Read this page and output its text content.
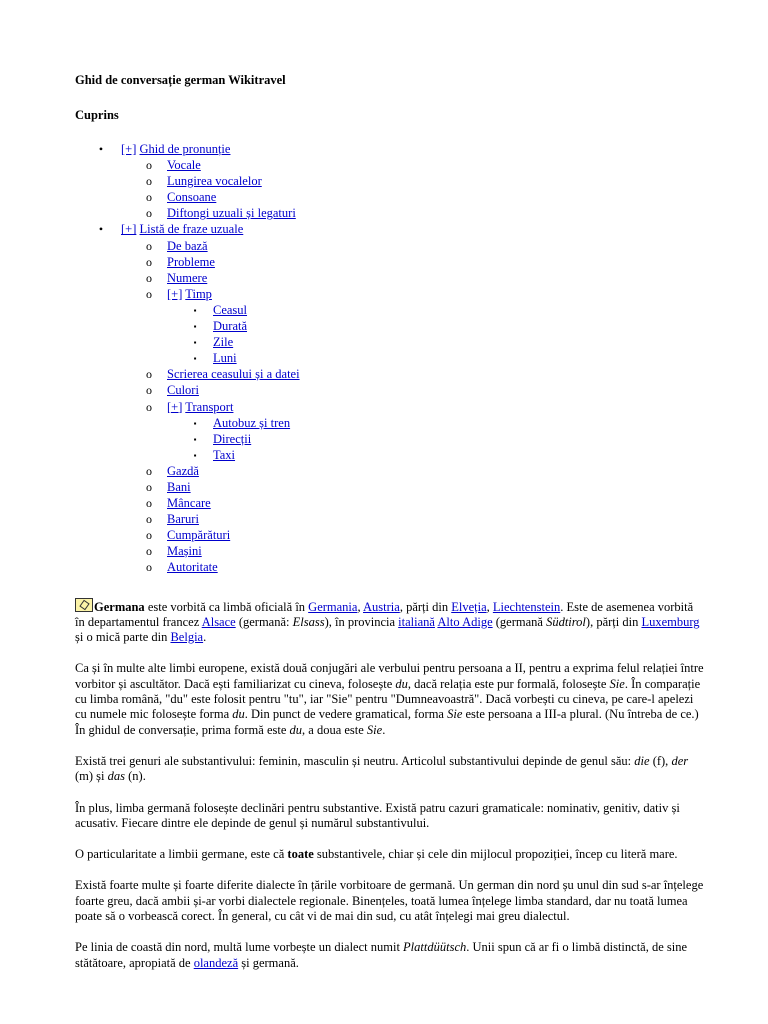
Ghid de conversație german Wikitravel

Cuprins

•	[+] Ghid de pronunție
o	Vocale
o	Lungirea vocalelor
o	Consoane
o	Diftongi uzuali și legaturi
•	[+] Listă de fraze uzuale
o	De bază
o	Probleme
o	Numere
o	[+] Timp
▪	Ceasul
▪	Durată
▪	Zile
▪	Luni
o	Scrierea ceasului și a datei
o	Culori
o	[+] Transport
▪	Autobuz și tren
▪	Direcții
▪	Taxi
o	Gazdă
o	Bani
o	Mâncare
o	Baruri
o	Cumpărături
o	Mașini
o	Autoritate

Germana este vorbită ca limbă oficială în Germania, Austria, părți din Elveția, Liechtenstein. Este de asemenea vorbită în departamentul francez Alsace (germană: Elsass), în provincia italiană Alto Adige (germană Südtirol), părți din Luxemburg și o mică parte din Belgia.

Ca și în multe alte limbi europene, există două conjugări ale verbului pentru persoana a II, pentru a exprima felul relației între vorbitor și ascultător. Dacă ești familiarizat cu cineva, folosește du, dacă relația este pur formală, folosește Sie. În comparație cu limba română, "du" este folosit pentru "tu", iar "Sie" pentru "Dumneavoastră". Dacă vorbești cu cineva, pe care-l apelezi cu numele mic folosește forma du. Din punct de vedere gramatical, forma Sie este persoana a III-a plural. (Nu întreba de ce.) În ghidul de conversație, prima formă este du, a doua este Sie.

Există trei genuri ale substantivului: feminin, masculin și neutru. Articolul substantivului depinde de genul său: die (f), der (m) și das (n).

În plus, limba germană folosește declinări pentru substantive. Există patru cazuri gramaticale: nominativ, genitiv, dativ și acusativ. Fiecare dintre ele depinde de genul și numărul substantivului.

O particularitate a limbii germane, este că toate substantivele, chiar și cele din mijlocul propoziției, încep cu literă mare.

Există foarte multe și foarte diferite dialecte în țările vorbitoare de germană. Un german din nord șu unul din sud s-ar înțelege foarte greu, dacă ambii și-ar vorbi dialectele regionale. Binențeles, toată lumea înțelege limba standard, dar nu toată lumea poate să o vorbească corect. În general, cu cât vi de mai din sud, cu atât înțelegi mai greu dialectul.

Pe linia de coastă din nord, multă lume vorbește un dialect numit Plattdüütsch. Unii spun că ar fi o limbă distinctă, de sine stătătoare, apropiată de olandeză și germană.
